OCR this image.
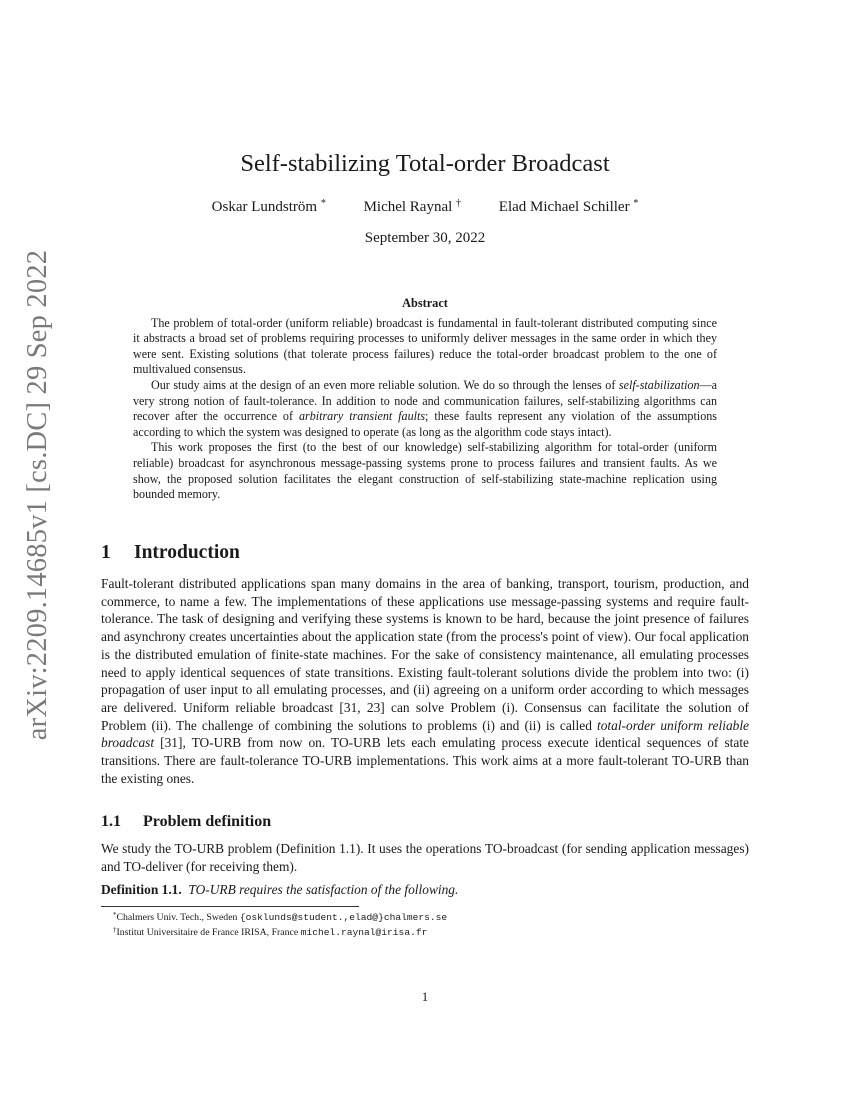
arXiv:2209.14685v1 [cs.DC] 29 Sep 2022
Self-stabilizing Total-order Broadcast
Oskar Lundström *	Michel Raynal †	Elad Michael Schiller *
September 30, 2022
Abstract

The problem of total-order (uniform reliable) broadcast is fundamental in fault-tolerant distributed computing since it abstracts a broad set of problems requiring processes to uniformly deliver messages in the same order in which they were sent. Existing solutions (that tolerate process failures) reduce the total-order broadcast problem to the one of multivalued consensus.

Our study aims at the design of an even more reliable solution. We do so through the lenses of self-stabilization—a very strong notion of fault-tolerance. In addition to node and communication failures, self-stabilizing algorithms can recover after the occurrence of arbitrary transient faults; these faults represent any violation of the assumptions according to which the system was designed to operate (as long as the algorithm code stays intact).

This work proposes the first (to the best of our knowledge) self-stabilizing algorithm for total-order (uniform reliable) broadcast for asynchronous message-passing systems prone to process failures and transient faults. As we show, the proposed solution facilitates the elegant construction of self-stabilizing state-machine replication using bounded memory.

1 Introduction

Fault-tolerant distributed applications span many domains in the area of banking, transport, tourism, production, and commerce, to name a few. The implementations of these applications use message-passing systems and require fault-tolerance. The task of designing and verifying these systems is known to be hard, because the joint presence of failures and asynchrony creates uncertainties about the application state (from the process's point of view). Our focal application is the distributed emulation of finite-state machines. For the sake of consistency maintenance, all emulating processes need to apply identical sequences of state transitions. Existing fault-tolerant solutions divide the problem into two: (i) propagation of user input to all emulating processes, and (ii) agreeing on a uniform order according to which messages are delivered. Uniform reliable broadcast [31, 23] can solve Problem (i). Consensus can facilitate the solution of Problem (ii). The challenge of combining the solutions to problems (i) and (ii) is called total-order uniform reliable broadcast [31], TO-URB from now on. TO-URB lets each emulating process execute identical sequences of state transitions. There are fault-tolerance TO-URB implementations. This work aims at a more fault-tolerant TO-URB than the existing ones.

1.1 Problem definition

We study the TO-URB problem (Definition 1.1). It uses the operations TO-broadcast (for sending application messages) and TO-deliver (for receiving them).

Definition 1.1. TO-URB requires the satisfaction of the following.
*Chalmers Univ. Tech., Sweden {osklunds@student.,elad@}chalmers.se
†Institut Universitaire de France IRISA, France michel.raynal@irisa.fr
1
